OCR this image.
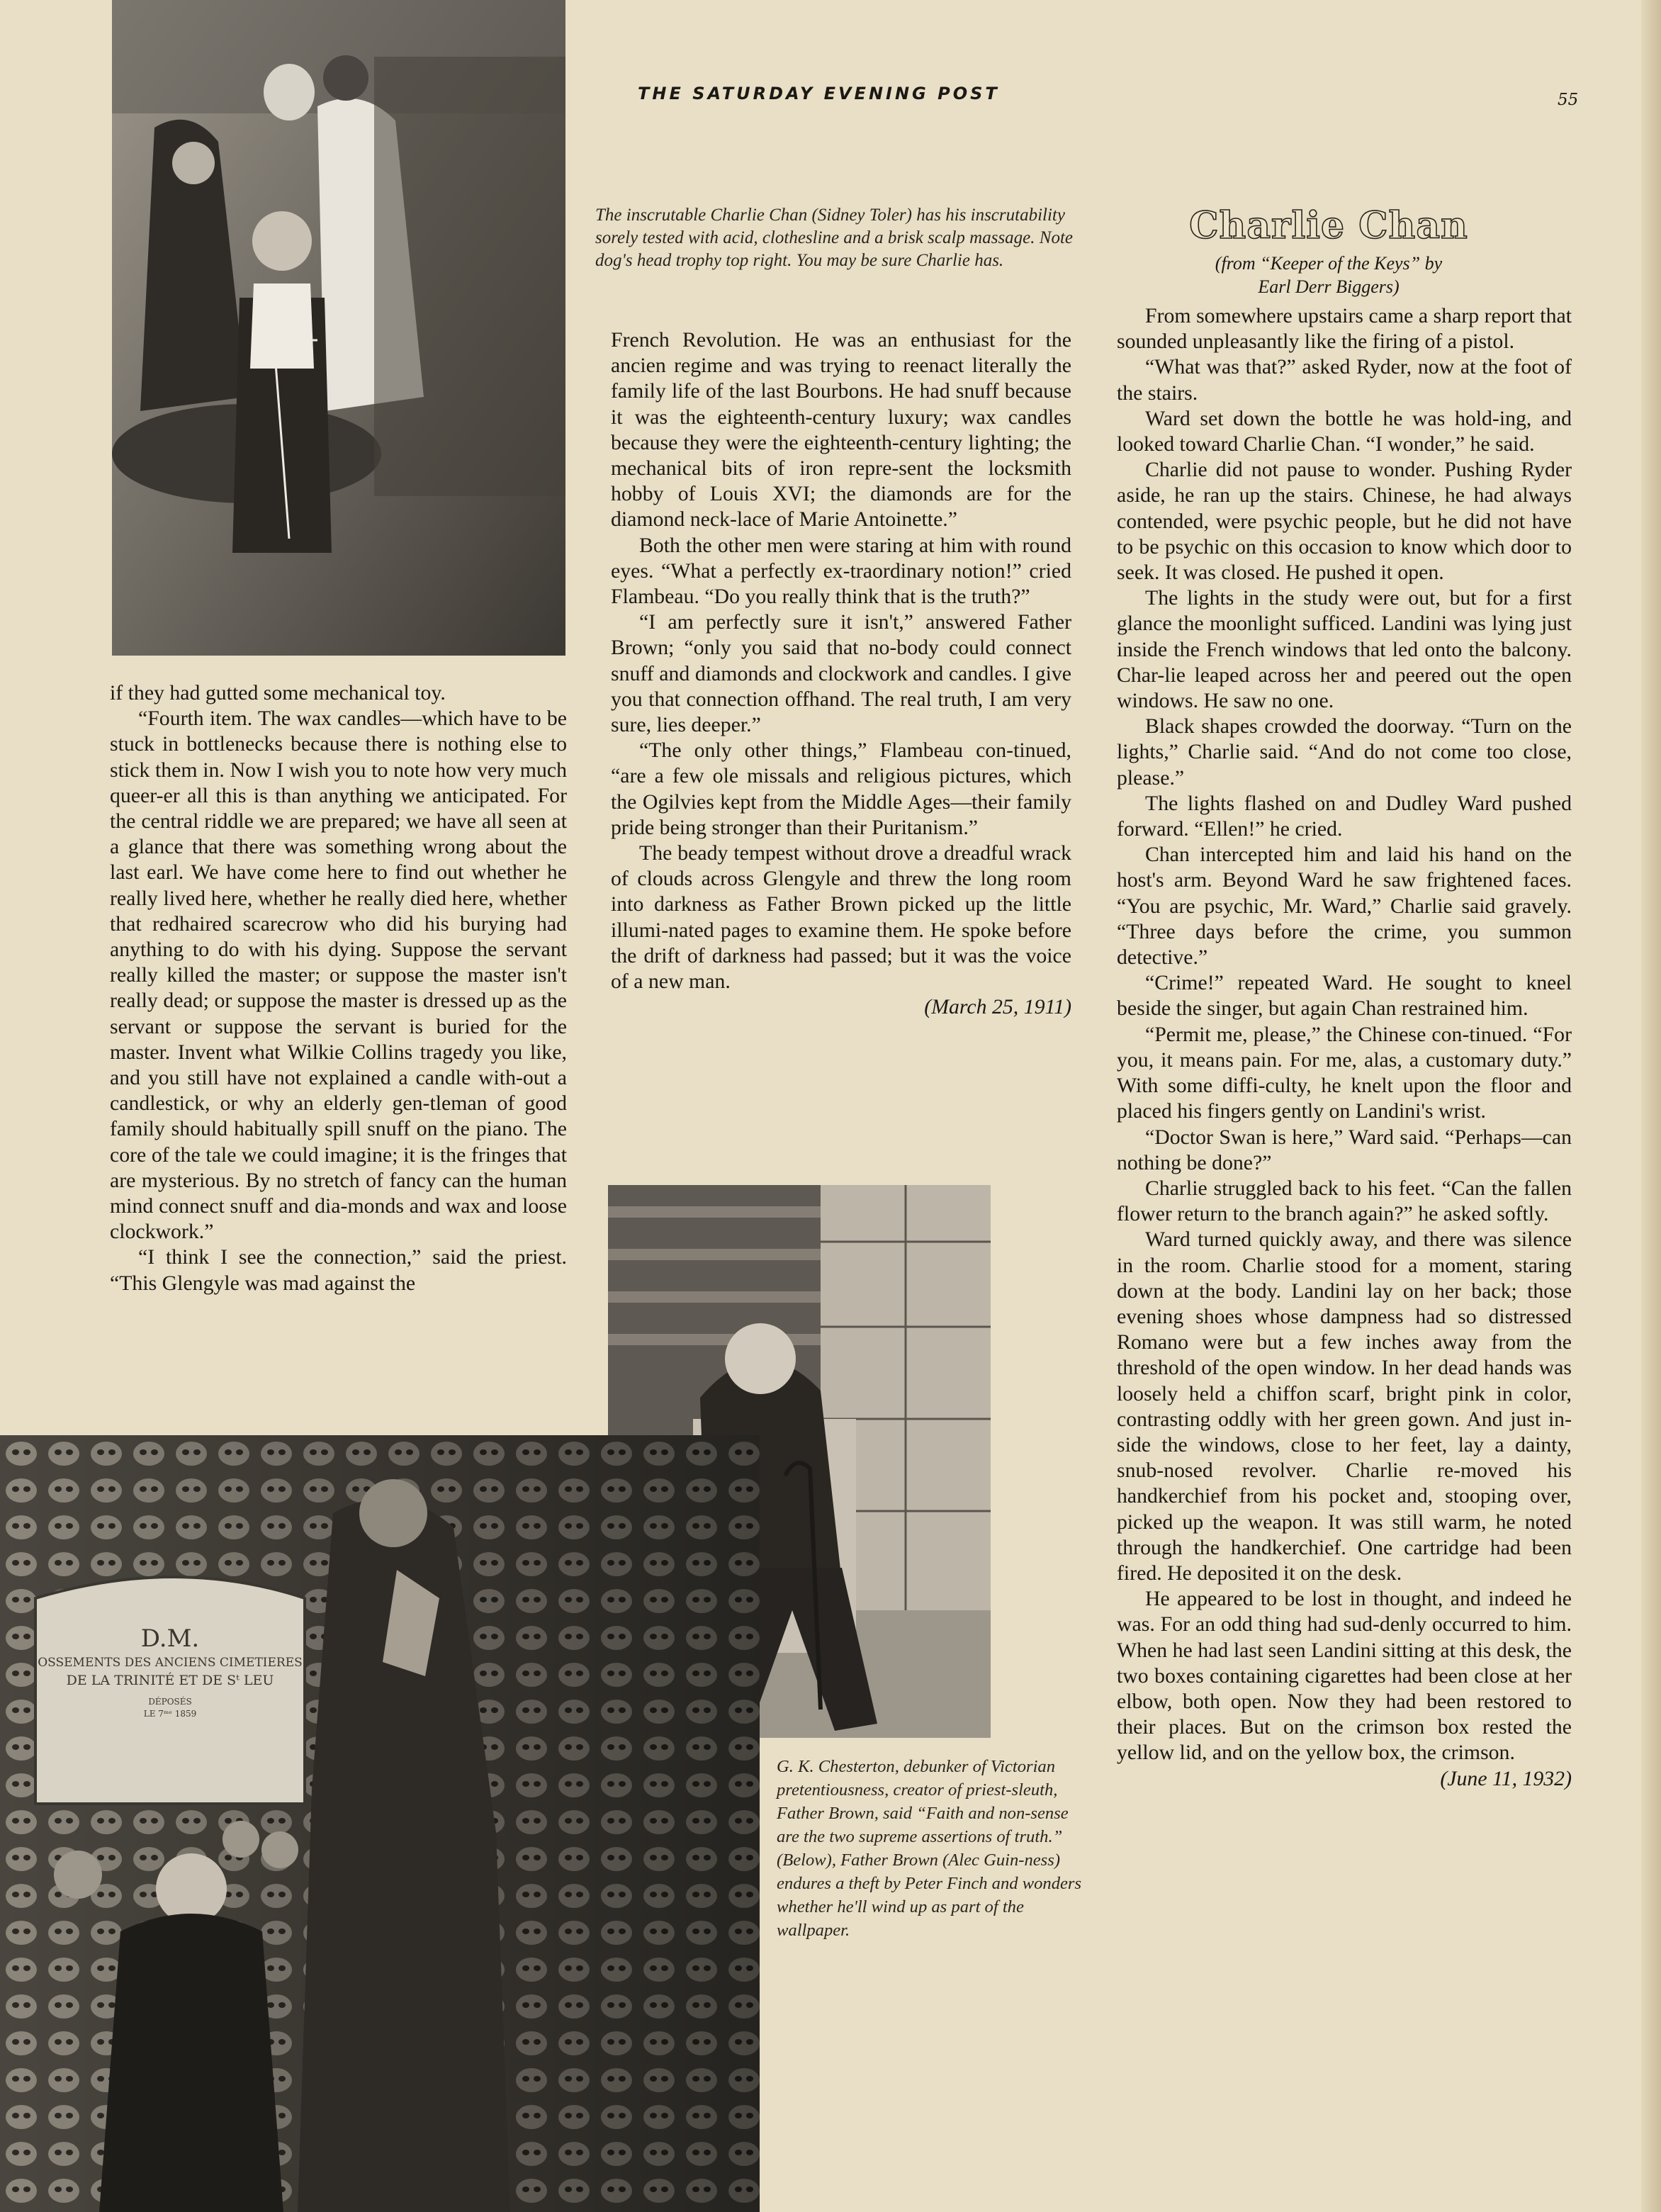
THE SATURDAY EVENING POST	55
The inscrutable Charlie Chan (Sidney Toler) has his inscrutability sorely tested with acid, clothesline and a brisk scalp massage. Note dog's head trophy top right. You may be sure Charlie has.

if they had gutted some mechanical toy.

“Fourth item. The wax candles—which have to be stuck in bottlenecks because there is nothing else to stick them in. Now I wish you to note how very much queer-er all this is than anything we anticipated. For the central riddle we are prepared; we have all seen at a glance that there was something wrong about the last earl. We have come here to find out whether he really lived here, whether he really died here, whether that redhaired scarecrow who did his burying had anything to do with his dying. Suppose the servant really killed the master; or suppose the master isn't really dead; or suppose the master is dressed up as the servant or suppose the servant is buried for the master. Invent what Wilkie Collins tragedy you like, and you still have not explained a candle with-out a candlestick, or why an elderly gen-tleman of good family should habitually spill snuff on the piano. The core of the tale we could imagine; it is the fringes that are mysterious. By no stretch of fancy can the human mind connect snuff and dia-monds and wax and loose clockwork.”

“I think I see the connection,” said the priest. “This Glengyle was mad against the

French Revolution. He was an enthusiast for the ancien regime and was trying to reenact literally the family life of the last Bourbons. He had snuff because it was the eighteenth-century luxury; wax candles because they were the eighteenth-century lighting; the mechanical bits of iron repre-sent the locksmith hobby of Louis XVI; the diamonds are for the diamond neck-lace of Marie Antoinette.”

Both the other men were staring at him with round eyes. “What a perfectly ex-traordinary notion!” cried Flambeau. “Do you really think that is the truth?”

“I am perfectly sure it isn't,” answered Father Brown; “only you said that no-body could connect snuff and diamonds and clockwork and candles. I give you that connection offhand. The real truth, I am very sure, lies deeper.”

“The only other things,” Flambeau con-tinued, “are a few ole missals and religious pictures, which the Ogilvies kept from the Middle Ages—their family pride being stronger than their Puritanism.”

The beady tempest without drove a dreadful wrack of clouds across Glengyle and threw the long room into darkness as Father Brown picked up the little illumi-nated pages to examine them. He spoke before the drift of darkness had passed; but it was the voice of a new man.

(March 25, 1911)

Charlie Chan
(from “Keeper of the Keys” by
Earl Derr Biggers)

From somewhere upstairs came a sharp report that sounded unpleasantly like the firing of a pistol.

“What was that?” asked Ryder, now at the foot of the stairs.

Ward set down the bottle he was hold-ing, and looked toward Charlie Chan. “I wonder,” he said.

Charlie did not pause to wonder. Pushing Ryder aside, he ran up the stairs. Chinese, he had always contended, were psychic people, but he did not have to be psychic on this occasion to know which door to seek. It was closed. He pushed it open.

The lights in the study were out, but for a first glance the moonlight sufficed. Landini was lying just inside the French windows that led onto the balcony. Char-lie leaped across her and peered out the open windows. He saw no one.

Black shapes crowded the doorway. “Turn on the lights,” Charlie said. “And do not come too close, please.”

The lights flashed on and Dudley Ward pushed forward. “Ellen!” he cried.

Chan intercepted him and laid his hand on the host's arm. Beyond Ward he saw frightened faces. “You are psychic, Mr. Ward,” Charlie said gravely. “Three days before the crime, you summon detective.”

“Crime!” repeated Ward. He sought to kneel beside the singer, but again Chan restrained him.

“Permit me, please,” the Chinese con-tinued. “For you, it means pain. For me, alas, a customary duty.” With some diffi-culty, he knelt upon the floor and placed his fingers gently on Landini's wrist.

“Doctor Swan is here,” Ward said. “Perhaps—can nothing be done?”

Charlie struggled back to his feet. “Can the fallen flower return to the branch again?” he asked softly.

Ward turned quickly away, and there was silence in the room. Charlie stood for a moment, staring down at the body. Landini lay on her back; those evening shoes whose dampness had so distressed Romano were but a few inches away from the threshold of the open window. In her dead hands was loosely held a chiffon scarf, bright pink in color, contrasting oddly with her green gown. And just in-side the windows, close to her feet, lay a dainty, snub-nosed revolver. Charlie re-moved his handkerchief from his pocket and, stooping over, picked up the weapon. It was still warm, he noted through the handkerchief. One cartridge had been fired. He deposited it on the desk.

He appeared to be lost in thought, and indeed he was. For an odd thing had sud-denly occurred to him. When he had last seen Landini sitting at this desk, the two boxes containing cigarettes had been close at her elbow, both open. Now they had been restored to their places. But on the crimson box rested the yellow lid, and on the yellow box, the crimson.

(June 11, 1932)

G. K. Chesterton, debunker of Victorian pretentiousness, creator of priest-sleuth, Father Brown, said “Faith and non-sense are the two supreme assertions of truth.” (Below), Father Brown (Alec Guin-ness) endures a theft by Peter Finch and wonders whether he'll wind up as part of the wallpaper.
D.M.
OSSEMENTS DES ANCIENS CIMETIERES
DE LA TRINITÉ ET DE Sᵗ LEU
DÉPOSÉS
LE 7ᵐᵉ 1859
